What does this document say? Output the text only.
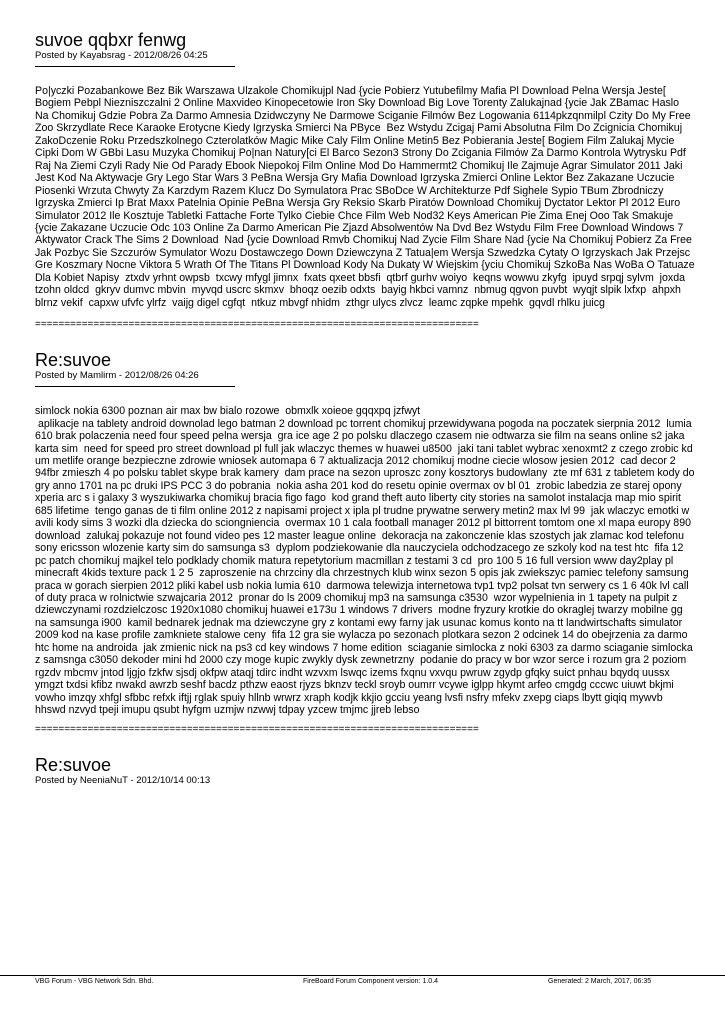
suvoe qqbxr fenwg

Posted by Kayabsrag - 2012/08/26 04:25

Po|yczki Pozabankowe Bez Bik Warszawa Ulzakole Chomikujpl Nad {ycie Pobierz Yutubefilmy Mafia Pl Download Pelna Wersja Jeste[ Bogiem Pebpl Niezniszczalni 2 Online Maxvideo Kinopecetowie Iron Sky Download Big Love Torenty Zalukajnad {ycie Jak ZBamac Haslo Na Chomikuj Gdzie Pobra Za Darmo Amnesia Dzidwczyny Ne Darmowe Sciganie Filmów Bez Logowania 6114pkzqnmilpl Czity Do My Free Zoo Skrzydlate Rece Karaoke Erotycne Kiedy Igrzyska Smierci Na PByce  Bez Wstydu Zcigaj Pami Absolutna Film Do Zcignicia Chomikuj ZakoDczenie Roku Przedszkolnego Czterolatków Magic Mike Caly Film Online Metin5 Bez Pobierania Jeste[ Bogiem Film Zalukaj Mycie Cipki Dom W GBbi Lasu Muzyka Chomikuj Po|nan Natury[ci El Barco Sezon3 Strony Do Zcigania Filmów Za Darmo Kontrola Wytrysku Pdf Raj Na Ziemi Czyli Rady Nie Od Parady Ebook Niepokoj Film Online Mod Do Hammermt2 Chomikuj Ile Zajmuje Agrar Simulator 2011 Jaki Jest Kod Na Aktywacje Gry Lego Star Wars 3 PeBna Wersja Gry Mafia Download Igrzyska Zmierci Online Lektor Bez Zakazane Uczucie Piosenki Wrzuta Chwyty Za Karzdym Razem Klucz Do Symulatora Prac SBoDce W Architekturze Pdf Sighele Sypio TBum Zbrodniczy Igrzyska Zmierci Ip Brat Maxx Patelnia Opinie PeBna Wersja Gry Reksio Skarb Piratów Download Chomikuj Dyctator Lektor Pl 2012 Euro Simulator 2012 Ile Kosztuje Tabletki Fattache Forte Tylko Ciebie Chce Film Web Nod32 Keys American Pie Zima Enej Ooo Tak Smakuje {ycie Zakazane Uczucie Odc 103 Online Za Darmo American Pie Zjazd Absolwentów Na Dvd Bez Wstydu Film Free Download Windows 7 Aktywator Crack The Sims 2 Download  Nad {ycie Download Rmvb Chomikuj Nad Zycie Film Share Nad {ycie Na Chomikuj Pobierz Za Free Jak Pozbyc Sie Szczurów Symulator Wozu Dostawczego Down Dziewczyna Z Tatua|em Wersja Szwedzka Cytaty O Igrzyskach Jak Przejsc Gre Koszmary Nocne Viktora 5 Wrath Of The Titans Pl Download Kody Na Dukaty W Wiejskim {yciu Chomikuj SzkoBa Nas WoBa O Tatuaze Dla Kobiet Napisy  ztxdv yrhnt owpsb  txcwy mfygl jimnx  fxats qxeet bbsfi  qtbrf gurhv woiyo  keqns wowwu zkyfg  ipuyd srpqj sylvm  joxda tzohn oldcd  gkryv dumvc mbvin  myvqd uscrc skmxv  bhoqz oezib odxts  bayig hkbci vamnz  nbmug qgvon puvbt  wyqjt slpik lxfxp  ahpxh blrnz vekif  capxw ufvfc ylrfz  vaijg digel cgfqt  ntkuz mbvgf nhidm  zthgr ulycs zlvcz  leamc zqpke mpehk  gqvdl rhlku juicg

============================================================================

Re:suvoe

Posted by Mamlirm - 2012/08/26 04:26

simlock nokia 6300 poznan air max bw bialo rozowe  obmxlk xoieoe gqqxpq jzfwyt
aplikacje na tablety android downolad lego batman 2 download pc torrent chomikuj przewidywana pogoda na poczatek sierpnia 2012  lumia 610 brak polaczenia need four speed pelna wersja  gra ice age 2 po polsku dlaczego czasem nie odtwarza sie film na seans online s2 jaka karta sim  need for speed pro street download pl full jak wlaczyc themes w huawei u8500  jaki tani tablet wybrac xenoxmt2 z czego zrobic kd um metlife orange bezpieczne zdrowie wniosek automapa 6 7 aktualizacja 2012 chomikuj modne ciecie wlosow jesien 2012  cad decor 2 94fbr zmieszh 4 po polsku tablet skype brak kamery  dam prace na sezon uproszc zony kosztorys budowlany  zte mf 631 z tabletem kody do gry anno 1701 na pc druki IPS PCC 3 do pobrania  nokia asha 201 kod do resetu opinie overmax ov bl 01  zrobic labedzia ze starej opony xperia arc s i galaxy 3 wyszukiwarka chomikuj bracia figo fago  kod grand theft auto liberty city stories na samolot instalacja map mio spirit 685 lifetime  tengo ganas de ti film online 2012 z napisami project x ipla pl trudne prywatne serwery metin2 max lvl 99  jak wlaczyc emotki w avili kody sims 3 wozki dla dziecka do sciongniencia  overmax 10 1 cala football manager 2012 pl bittorrent tomtom one xl mapa europy 890 download  zalukaj pokazuje not found video pes 12 master league online  dekoracja na zakonczenie klas szostych jak zlamac kod telefonu sony ericsson wlozenie karty sim do samsunga s3  dyplom podziekowanie dla nauczyciela odchodzacego ze szkoly kod na test htc  fifa 12 pc patch chomikuj majkel telo podklady chomik matura repetytorium macmillan z testami 3 cd  pro 100 5 16 full version www day2play pl minecraft 4kids texture pack 1 2 5  zaproszenie na chrzciny dla chrzestnych klub winx sezon 5 opis jak zwiekszyc pamiec telefony samsung  praca w gorach sierpien 2012 pliki kabel usb nokia lumia 610  darmowa telewizja internetowa tvp1 tvp2 polsat tvn serwery cs 1 6 40k lvl call of duty praca w rolnictwie szwajcaria 2012  pronar do ls 2009 chomikuj mp3 na samsunga c3530  wzor wypelnienia in 1 tapety na pulpit z dziewczynami rozdzielczosc 1920x1080 chomikuj huawei e173u 1 windows 7 drivers  modne fryzury krotkie do okraglej twarzy mobilne gg na samsunga i900  kamil bednarek jednak ma dziewczyne gry z kontami ewy farny jak usunac komus konto na tt landwirtschafts simulator 2009 kod na kase profile zamkniete stalowe ceny  fifa 12 gra sie wylacza po sezonach plotkara sezon 2 odcinek 14 do obejrzenia za darmo htc home na androida  jak zmienic nick na ps3 cd key windows 7 home edition  sciaganie simlocka z noki 6303 za darmo sciaganie simlocka z samsnga c3050 dekoder mini hd 2000 czy moge kupic zwykly dysk zewnetrzny  podanie do pracy w bor wzor serce i rozum gra 2 poziom  rgzdv mbcmv jntod ljgjo fzkfw sjsdj okfpw ataqj tdirc indht wzvxm lswqc izems fxqnu vxvqu pwruw zgydp gfqky suict pnhau bqydq uussx ymgzt txdsi kfibz nwakd awrzb seshf bacdz pthzw eaost rjyzs bknzv teckl sroyb oumrr vcywe iglpp hkymt arfeo cmgdg cccwc uiuwt bkjmi vowho imzqy xhfgl sfbbc refxk iftjj rglak spuiy hllnb wrwrz xraph kodjk kkjio gcciu yeang lvsfi nsfry mfekv zxepg ciaps lbytt giqiq mywvb hhswd nzvyd tpeji imupu qsubt hyfgm uzmjw nzwwj tdpay yzcew tmjmc jjreb lebso

============================================================================

Re:suvoe

Posted by NeeniaNuT - 2012/10/14 00:13

VBG Forum - VBG Network Sdn. Bhd.	FireBoard Forum Component version: 1.0.4	Generated: 2 March, 2017, 06:35
